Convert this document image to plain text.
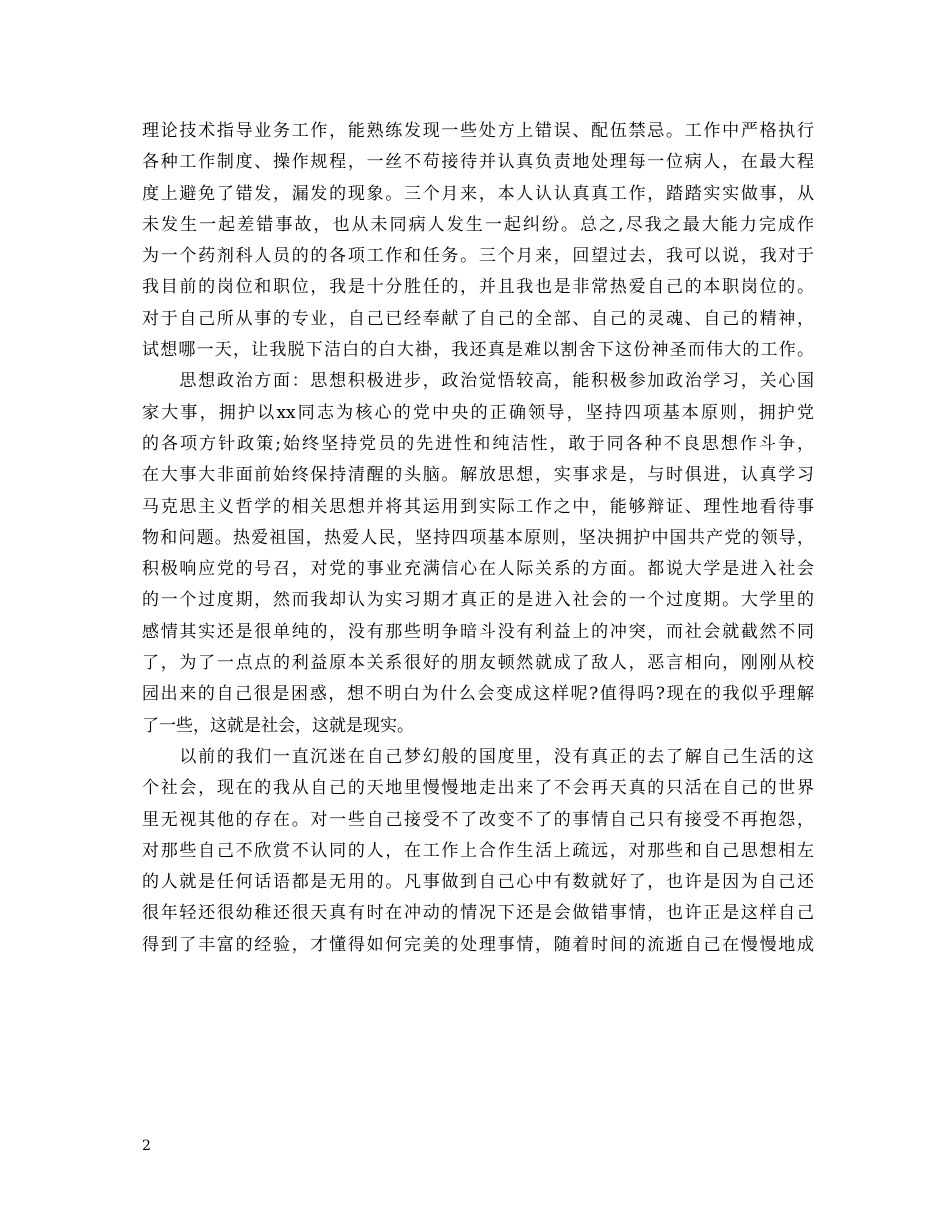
理论技术指导业务工作，能熟练发现一些处方上错误、配伍禁忌。工作中严格执行
各种工作制度、操作规程，一丝不苟接待并认真负责地处理每一位病人，在最大程
度上避免了错发，漏发的现象。三个月来，本人认认真真工作，踏踏实实做事，从
未发生一起差错事故，也从未同病人发生一起纠纷。总之,尽我之最大能力完成作
为一个药剂科人员的的各项工作和任务。三个月来，回望过去，我可以说，我对于
我目前的岗位和职位，我是十分胜任的，并且我也是非常热爱自己的本职岗位的。
对于自己所从事的专业，自己已经奉献了自己的全部、自己的灵魂、自己的精神，
试想哪一天，让我脱下洁白的白大褂，我还真是难以割舍下这份神圣而伟大的工作。
　　思想政治方面：思想积极进步，政治觉悟较高，能积极参加政治学习，关心国
家大事，拥护以xx同志为核心的党中央的正确领导，坚持四项基本原则，拥护党
的各项方针政策;始终坚持党员的先进性和纯洁性，敢于同各种不良思想作斗争，
在大事大非面前始终保持清醒的头脑。解放思想，实事求是，与时俱进，认真学习
马克思主义哲学的相关思想并将其运用到实际工作之中，能够辩证、理性地看待事
物和问题。热爱祖国，热爱人民，坚持四项基本原则，坚决拥护中国共产党的领导，
积极响应党的号召，对党的事业充满信心在人际关系的方面。都说大学是进入社会
的一个过度期，然而我却认为实习期才真正的是进入社会的一个过度期。大学里的
感情其实还是很单纯的，没有那些明争暗斗没有利益上的冲突，而社会就截然不同
了，为了一点点的利益原本关系很好的朋友顿然就成了敌人，恶言相向，刚刚从校
园出来的自己很是困惑，想不明白为什么会变成这样呢?值得吗?现在的我似乎理解
了一些，这就是社会，这就是现实。
　　以前的我们一直沉迷在自己梦幻般的国度里，没有真正的去了解自己生活的这
个社会，现在的我从自己的天地里慢慢地走出来了不会再天真的只活在自己的世界
里无视其他的存在。对一些自己接受不了改变不了的事情自己只有接受不再抱怨，
对那些自己不欣赏不认同的人，在工作上合作生活上疏远，对那些和自己思想相左
的人就是任何话语都是无用的。凡事做到自己心中有数就好了，也许是因为自己还
很年轻还很幼稚还很天真有时在冲动的情况下还是会做错事情，也许正是这样自己
得到了丰富的经验，才懂得如何完美的处理事情，随着时间的流逝自己在慢慢地成
2
